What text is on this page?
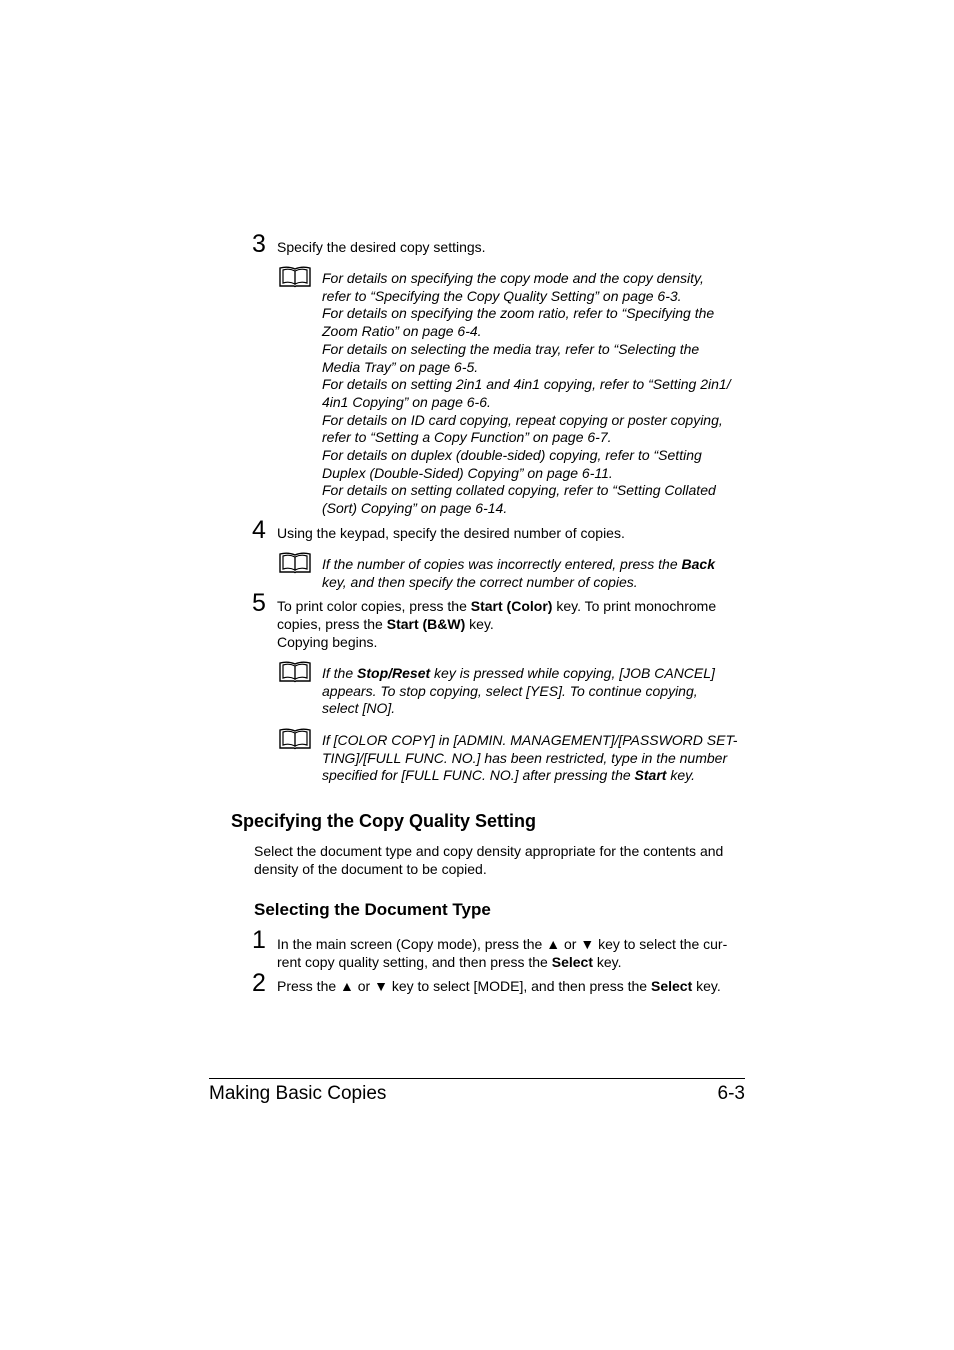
3 Specify the desired copy settings.
For details on specifying the copy mode and the copy density,
refer to “Specifying the Copy Quality Setting” on page 6-3.
For details on specifying the zoom ratio, refer to “Specifying the
Zoom Ratio” on page 6-4.
For details on selecting the media tray, refer to “Selecting the
Media Tray” on page 6-5.
For details on setting 2in1 and 4in1 copying, refer to “Setting 2in1/
4in1 Copying” on page 6-6.
For details on ID card copying, repeat copying or poster copying,
refer to “Setting a Copy Function” on page 6-7.
For details on duplex (double-sided) copying, refer to “Setting
Duplex (Double-Sided) Copying” on page 6-11.
For details on setting collated copying, refer to “Setting Collated
(Sort) Copying” on page 6-14.
4 Using the keypad, specify the desired number of copies.
If the number of copies was incorrectly entered, press the Back
key, and then specify the correct number of copies.
5 To print color copies, press the Start (Color) key. To print monochrome
copies, press the Start (B&W) key.
Copying begins.
If the Stop/Reset key is pressed while copying, [JOB CANCEL]
appears. To stop copying, select [YES]. To continue copying,
select [NO].
If [COLOR COPY] in [ADMIN. MANAGEMENT]/[PASSWORD SET-
TING]/[FULL FUNC. NO.] has been restricted, type in the number
specified for [FULL FUNC. NO.] after pressing the Start key.
Specifying the Copy Quality Setting
Select the document type and copy density appropriate for the contents and
density of the document to be copied.
Selecting the Document Type
1 In the main screen (Copy mode), press the ▲ or ▼ key to select the cur-
rent copy quality setting, and then press the Select key.
2 Press the ▲ or ▼ key to select [MODE], and then press the Select key.
Making Basic Copies	6-3
